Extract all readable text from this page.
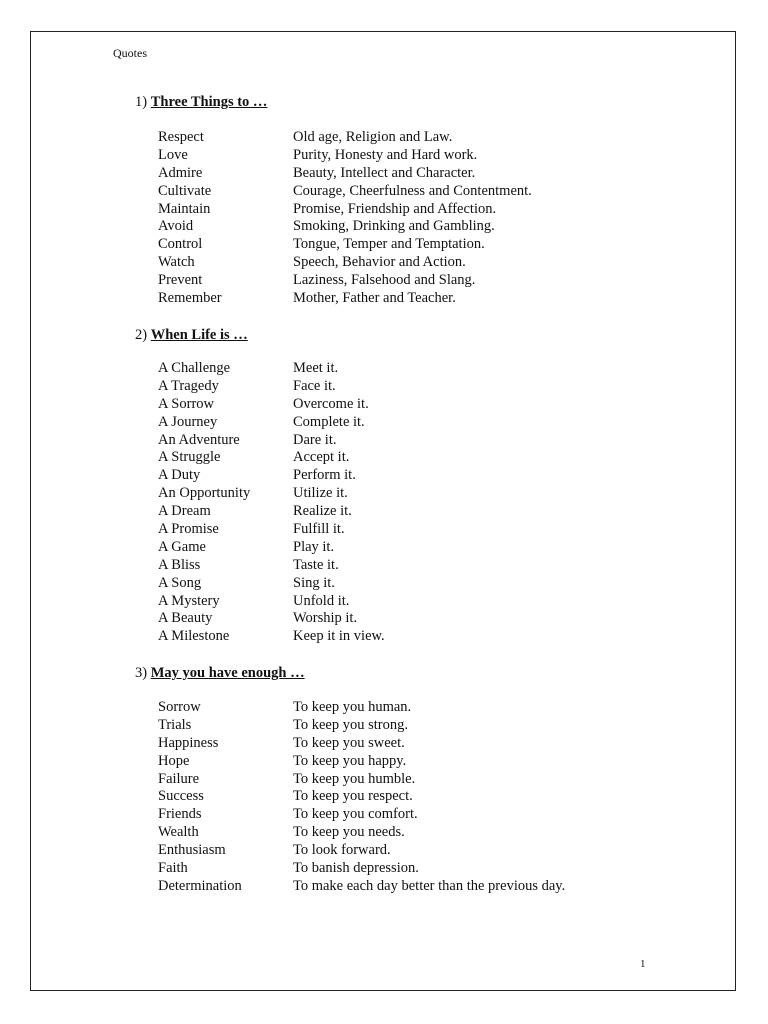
Quotes
1) Three Things to …
Respect	Old age, Religion and Law.
Love	Purity, Honesty and Hard work.
Admire	Beauty, Intellect and Character.
Cultivate	Courage, Cheerfulness and Contentment.
Maintain	Promise, Friendship and Affection.
Avoid	Smoking, Drinking and Gambling.
Control	Tongue, Temper and Temptation.
Watch	Speech, Behavior and Action.
Prevent	Laziness, Falsehood and Slang.
Remember	Mother, Father and Teacher.
2) When Life is …
A Challenge	Meet it.
A Tragedy	Face it.
A Sorrow	Overcome it.
A Journey	Complete it.
An Adventure	Dare it.
A Struggle	Accept it.
A Duty	Perform it.
An Opportunity	Utilize it.
A Dream	Realize it.
A Promise	Fulfill it.
A Game	Play it.
A Bliss	Taste it.
A Song	Sing it.
A Mystery	Unfold it.
A Beauty	Worship it.
A Milestone	Keep it in view.
3) May you have enough …
Sorrow	To keep you human.
Trials	To keep you strong.
Happiness	To keep you sweet.
Hope	To keep you happy.
Failure	To keep you humble.
Success	To keep you respect.
Friends	To keep you comfort.
Wealth	To keep you needs.
Enthusiasm	To look forward.
Faith	To banish depression.
Determination	To make each day better than the previous day.
1
